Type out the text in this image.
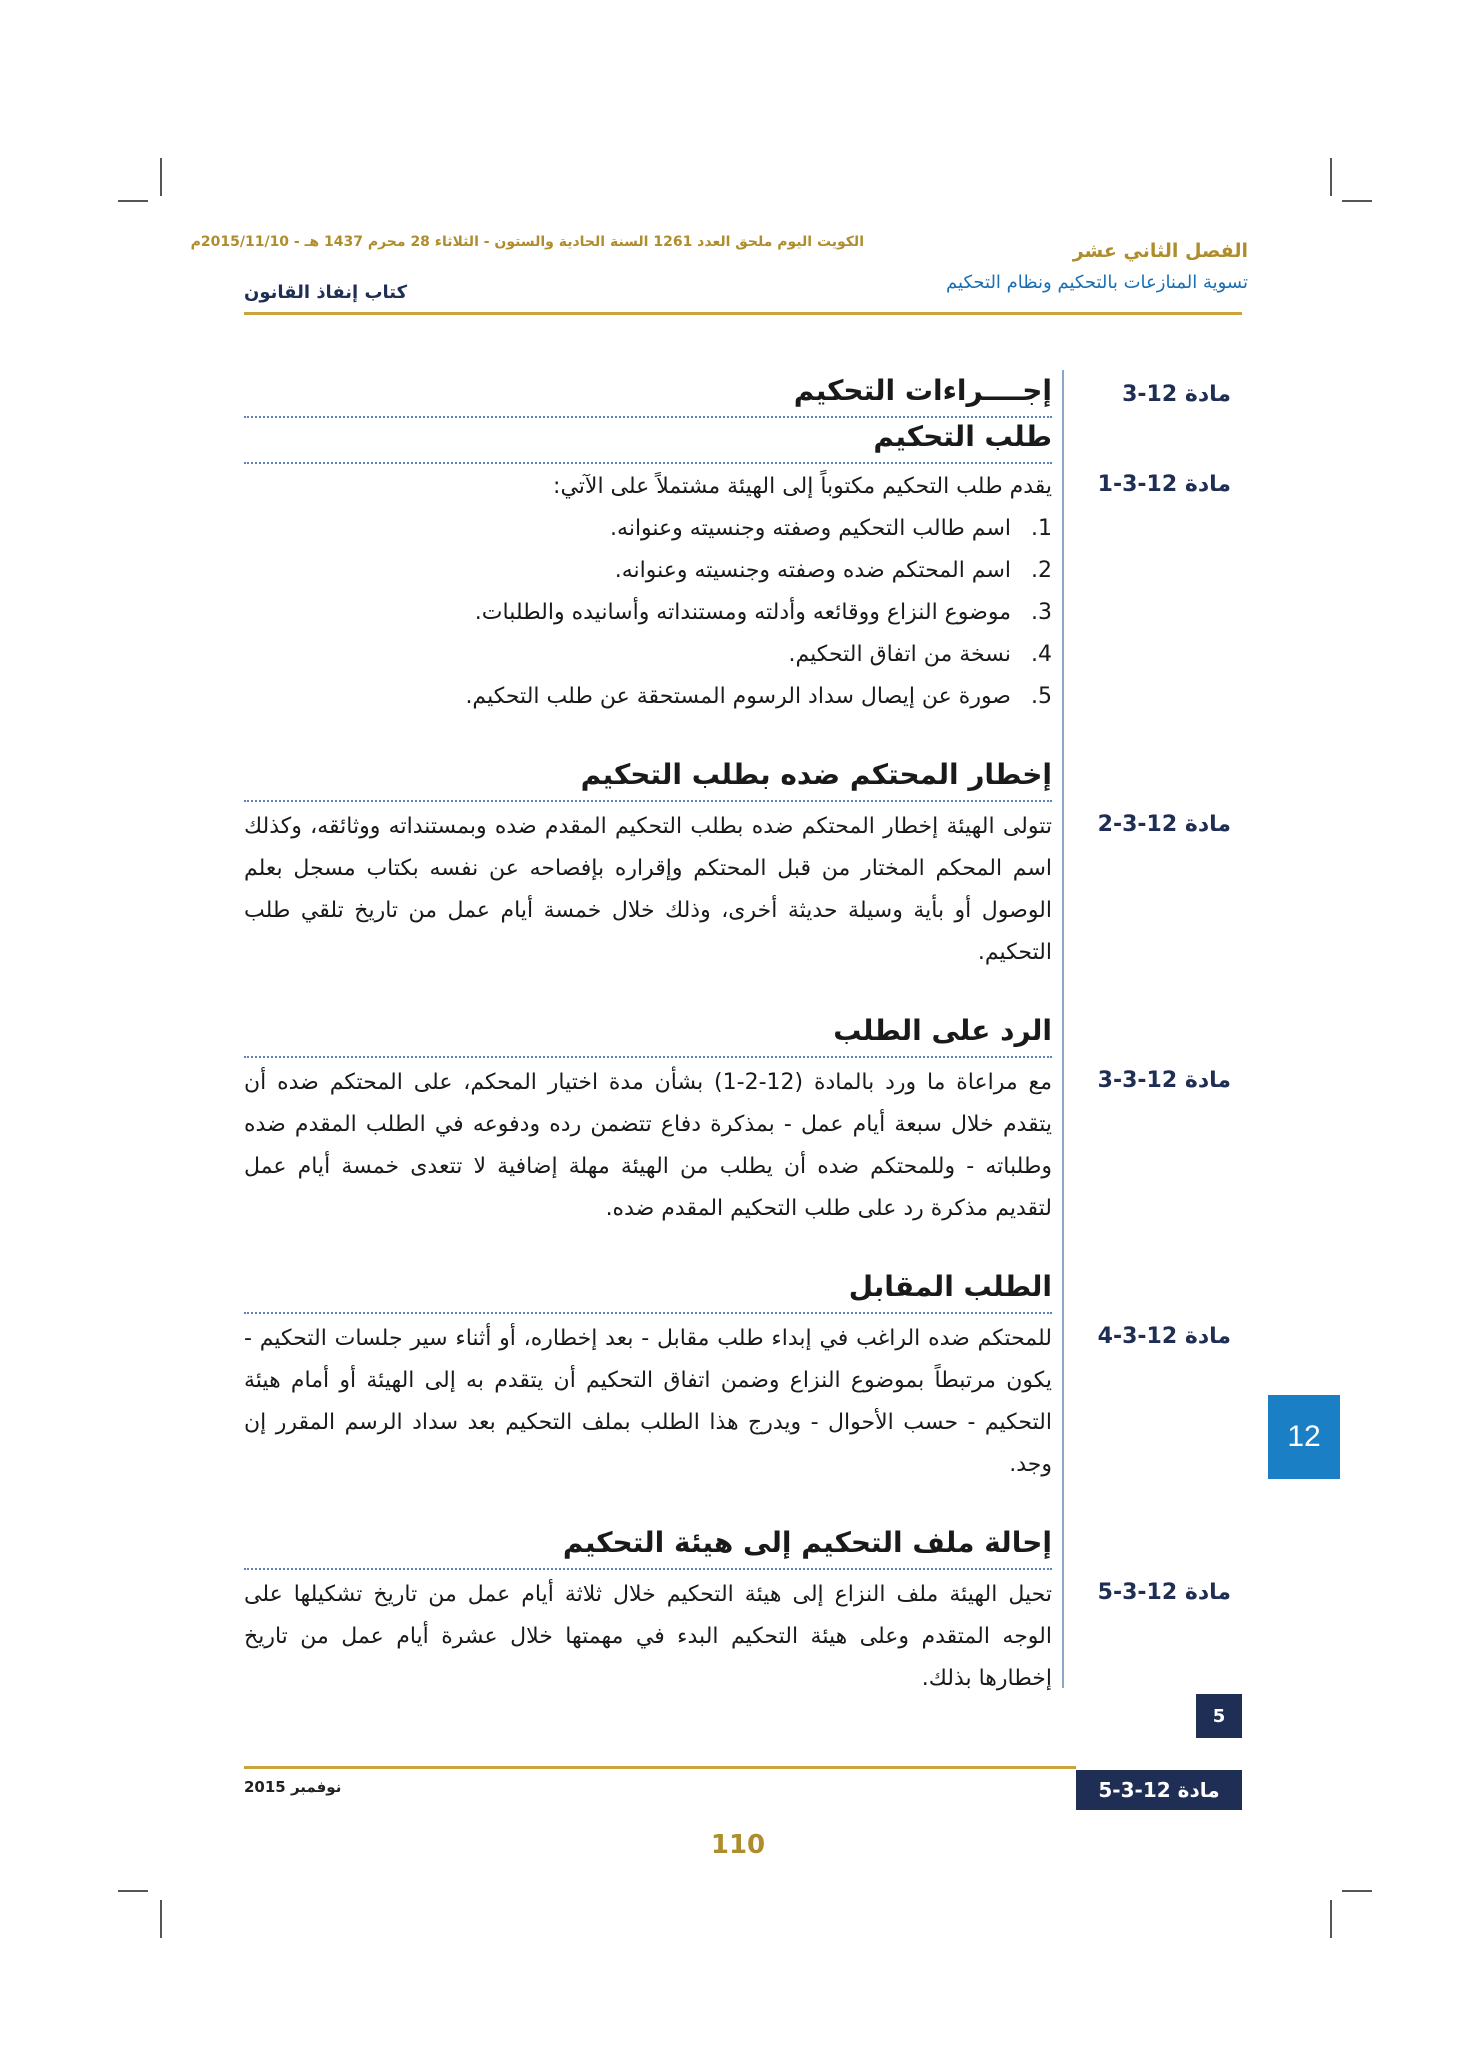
الفصل الثاني عشر
تسوية المنازعات بالتحكيم ونظام التحكيم
الكويت اليوم ملحق العدد 1261 السنة الحادية والستون - الثلاثاء 28 محرم 1437 هـ - 2015/11/10م
كتاب إنفاذ القانون
مادة 12-3
إجــــراءات التحكيم
طلب التحكيم
مادة 12-3-1
يقدم طلب التحكيم مكتوباً إلى الهيئة مشتملاً على الآتي:
1. اسم طالب التحكيم وصفته وجنسيته وعنوانه.
2. اسم المحتكم ضده وصفته وجنسيته وعنوانه.
3. موضوع النزاع ووقائعه وأدلته ومستنداته وأسانيده والطلبات.
4. نسخة من اتفاق التحكيم.
5. صورة عن إيصال سداد الرسوم المستحقة عن طلب التحكيم.
إخطار المحتكم ضده بطلب التحكيم
مادة 12-3-2
تتولى الهيئة إخطار المحتكم ضده بطلب التحكيم المقدم ضده وبمستنداته ووثائقه، وكذلك اسم المحكم المختار من قبل المحتكم وإقراره بإفصاحه عن نفسه بكتاب مسجل بعلم الوصول أو بأية وسيلة حديثة أخرى، وذلك خلال خمسة أيام عمل من تاريخ تلقي طلب التحكيم.
الرد على الطلب
مادة 12-3-3
مع مراعاة ما ورد بالمادة (12-2-1) بشأن مدة اختيار المحكم، على المحتكم ضده أن يتقدم خلال سبعة أيام عمل - بمذكرة دفاع تتضمن رده ودفوعه في الطلب المقدم ضده وطلباته - وللمحتكم ضده أن يطلب من الهيئة مهلة إضافية لا تتعدى خمسة أيام عمل لتقديم مذكرة رد على طلب التحكيم المقدم ضده.
الطلب المقابل
مادة 12-3-4
للمحتكم ضده الراغب في إبداء طلب مقابل - بعد إخطاره، أو أثناء سير جلسات التحكيم - يكون مرتبطاً بموضوع النزاع وضمن اتفاق التحكيم أن يتقدم به إلى الهيئة أو أمام هيئة التحكيم - حسب الأحوال - ويدرج هذا الطلب بملف التحكيم بعد سداد الرسم المقرر إن وجد.
إحالة ملف التحكيم إلى هيئة التحكيم
مادة 12-3-5
تحيل الهيئة ملف النزاع إلى هيئة التحكيم خلال ثلاثة أيام عمل من تاريخ تشكيلها على الوجه المتقدم وعلى هيئة التحكيم البدء في مهمتها خلال عشرة أيام عمل من تاريخ إخطارها بذلك.
12
5
نوفمبر 2015	مادة 12-3-5
110
